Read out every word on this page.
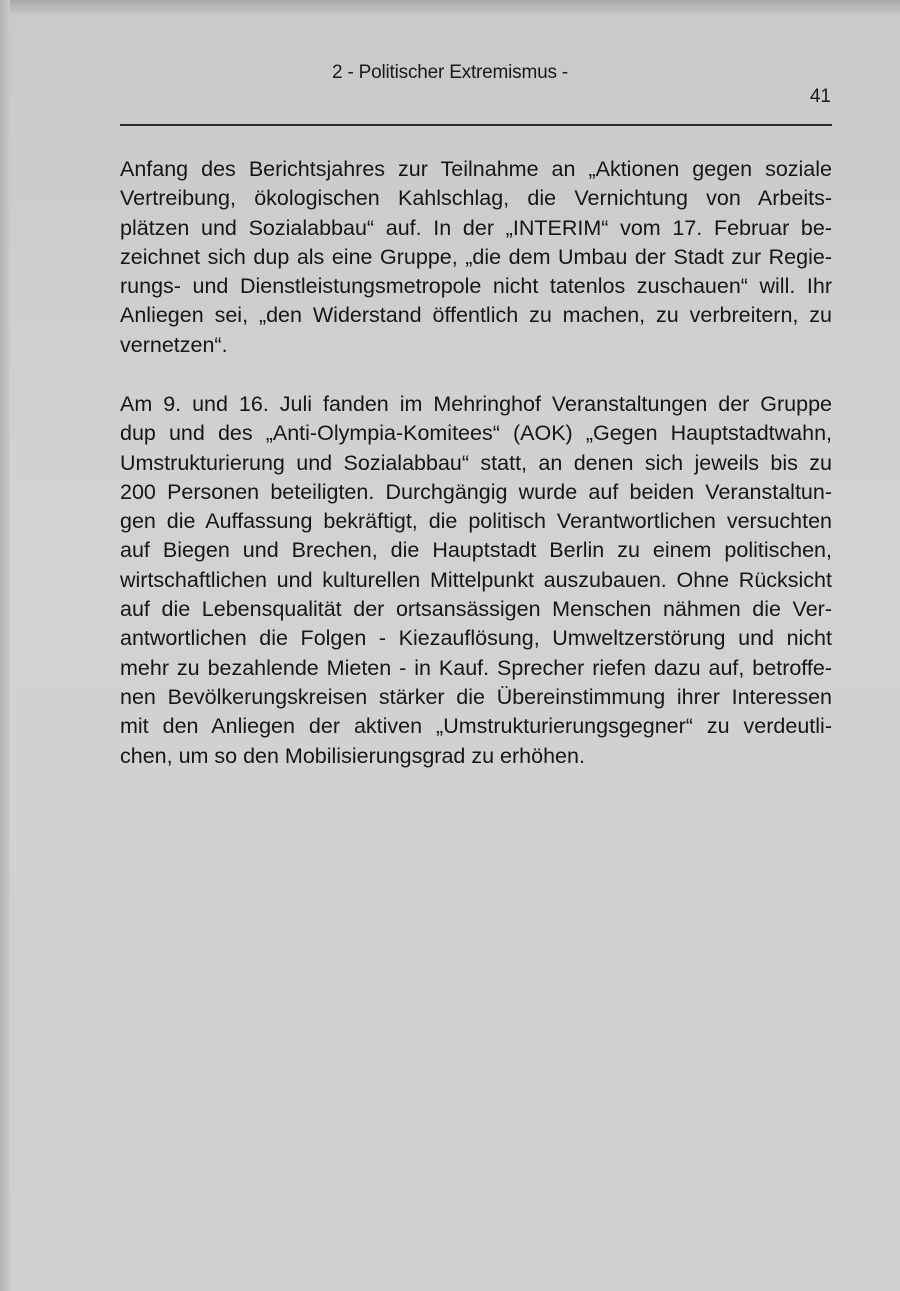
2 - Politischer Extremismus -
41
Anfang des Berichtsjahres zur Teilnahme an „Aktionen gegen soziale
Vertreibung, ökologischen Kahlschlag, die Vernichtung von Arbeits-
plätzen und Sozialabbau“ auf. In der „INTERIM“ vom 17. Februar be-
zeichnet sich dup als eine Gruppe, „die dem Umbau der Stadt zur Regie-
rungs- und Dienstleistungsmetropole nicht tatenlos zuschauen“ will. Ihr
Anliegen sei, „den Widerstand öffentlich zu machen, zu verbreitern, zu
vernetzen“.
Am 9. und 16. Juli fanden im Mehringhof Veranstaltungen der Gruppe
dup und des „Anti-Olympia-Komitees“ (AOK) „Gegen Hauptstadtwahn,
Umstrukturierung und Sozialabbau“ statt, an denen sich jeweils bis zu
200 Personen beteiligten. Durchgängig wurde auf beiden Veranstaltun-
gen die Auffassung bekräftigt, die politisch Verantwortlichen versuchten
auf Biegen und Brechen, die Hauptstadt Berlin zu einem politischen,
wirtschaftlichen und kulturellen Mittelpunkt auszubauen. Ohne Rücksicht
auf die Lebensqualität der ortsansässigen Menschen nähmen die Ver-
antwortlichen die Folgen - Kiezauflösung, Umweltzerstörung und nicht
mehr zu bezahlende Mieten - in Kauf. Sprecher riefen dazu auf, betroffe-
nen Bevölkerungskreisen stärker die Übereinstimmung ihrer Interessen
mit den Anliegen der aktiven „Umstrukturierungsgegner“ zu verdeutli-
chen, um so den Mobilisierungsgrad zu erhöhen.
